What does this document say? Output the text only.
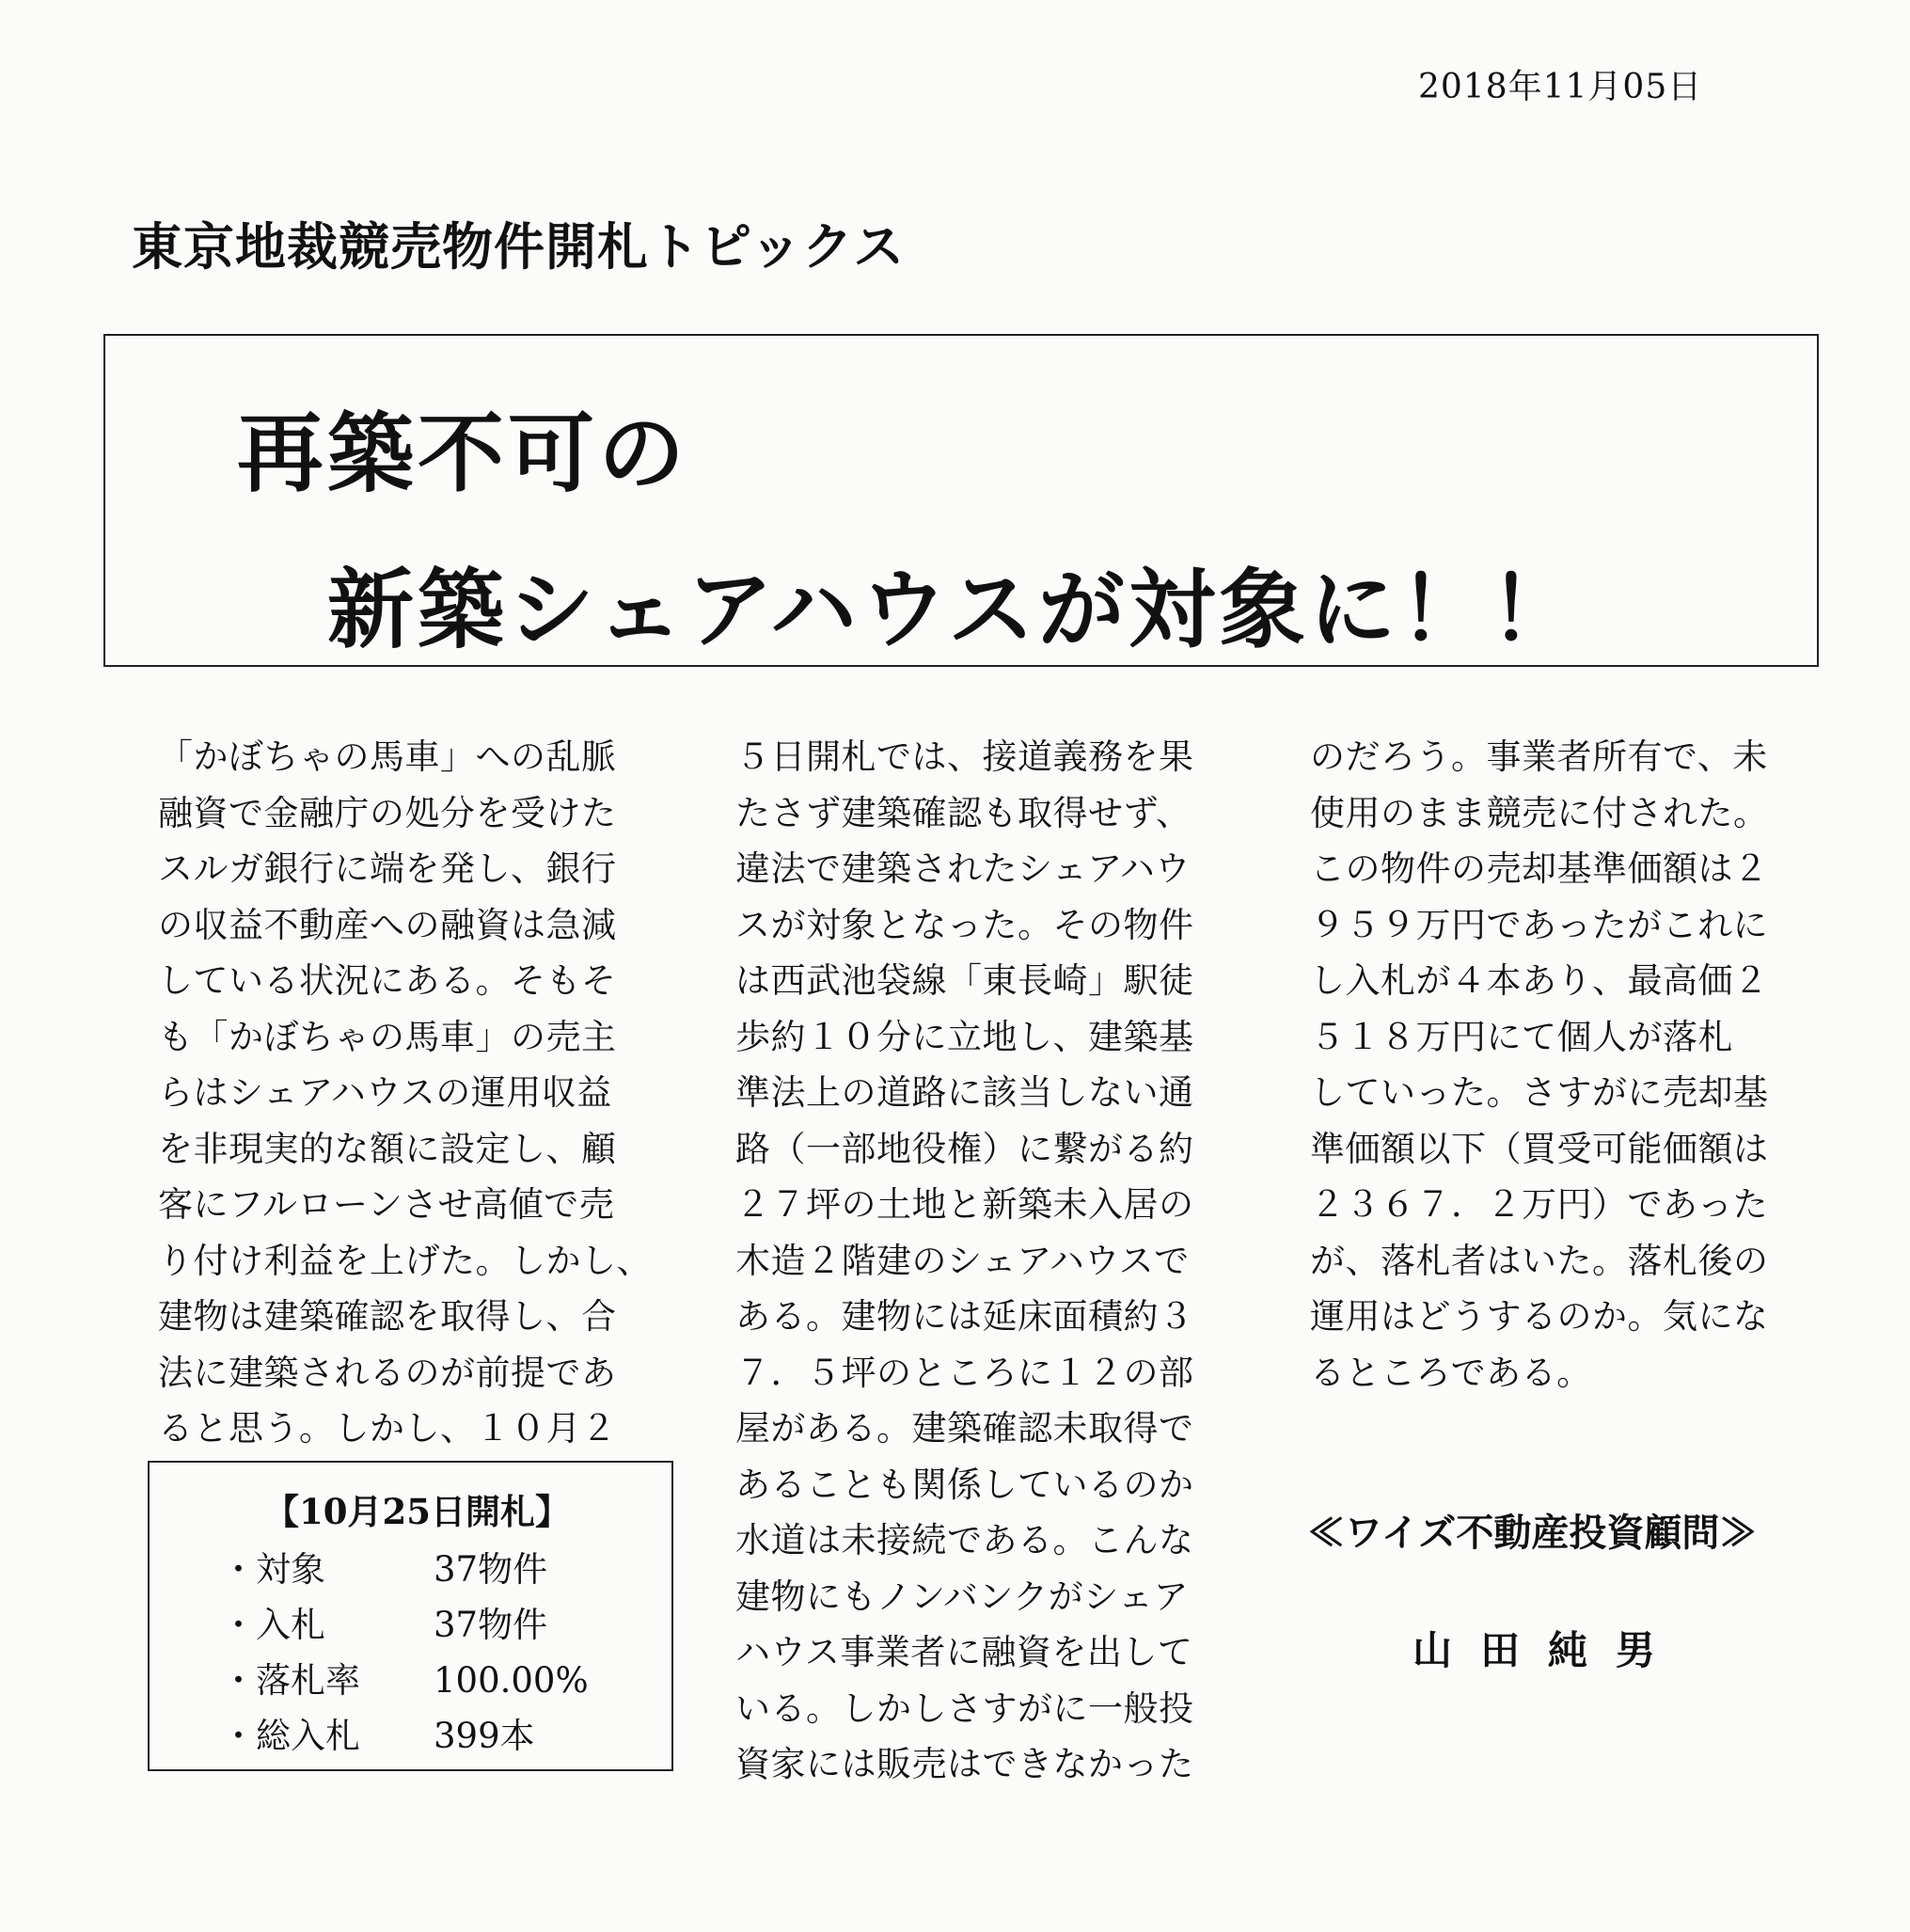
2018年11月05日
東京地裁競売物件開札トピックス
再築不可の
新築シェアハウスが対象に！！
「かぼちゃの馬車」への乱脈
融資で金融庁の処分を受けた
スルガ銀行に端を発し、銀行
の収益不動産への融資は急減
している状況にある。そもそ
も「かぼちゃの馬車」の売主
らはシェアハウスの運用収益
を非現実的な額に設定し、顧
客にフルローンさせ高値で売
り付け利益を上げた。しかし、
建物は建築確認を取得し、合
法に建築されるのが前提であ
ると思う。しかし、１０月２
５日開札では、接道義務を果
たさず建築確認も取得せず、
違法で建築されたシェアハウ
スが対象となった。その物件
は西武池袋線「東長崎」駅徒
歩約１０分に立地し、建築基
準法上の道路に該当しない通
路（一部地役権）に繋がる約
２７坪の土地と新築未入居の
木造２階建のシェアハウスで
ある。建物には延床面積約３
７．５坪のところに１２の部
屋がある。建築確認未取得で
あることも関係しているのか
水道は未接続である。こんな
建物にもノンバンクがシェア
ハウス事業者に融資を出して
いる。しかしさすがに一般投
資家には販売はできなかった
のだろう。事業者所有で、未
使用のまま競売に付された。
この物件の売却基準価額は２
９５９万円であったがこれに
し入札が４本あり、最高価２
５１８万円にて個人が落札
していった。さすがに売却基
準価額以下（買受可能価額は
２３６７．２万円）であった
が、落札者はいた。落札後の
運用はどうするのか。気にな
るところである。
【10月25日開札】
・対象	37物件
・入札	37物件
・落札率 100.00%
・総入札 399本
≪ワイズ不動産投資顧問≫
山田純男
